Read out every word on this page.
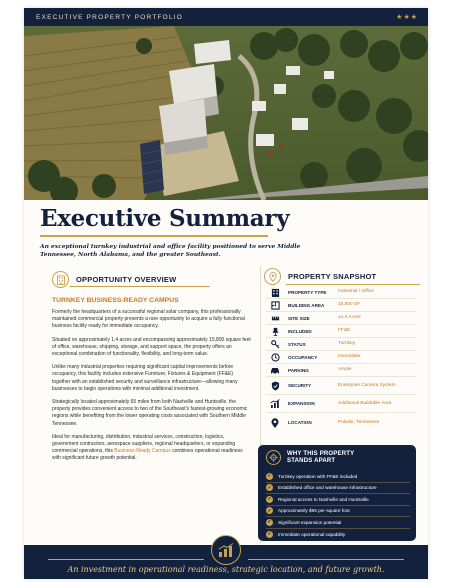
EXECUTIVE PROPERTY PORTFOLIO	★★★
Executive Summary
An exceptional turnkey industrial and office facility positioned to serve Middle Tennessee, North Alabama, and the greater Southeast.
OPPORTUNITY OVERVIEW
TURNKEY BUSINESS-READY CAMPUS

Formerly the headquarters of a successful regional solar company, this professionally maintained commercial property presents a rare opportunity to acquire a fully functional business facility ready for immediate occupancy.

Situated on approximately 1.4 acres and encompassing approximately 15,800 square feet of office, warehouse, shipping, storage, and support space, the property offers an exceptional combination of functionality, flexibility, and long-term value.

Unlike many industrial properties requiring significant capital improvements before occupancy, this facility includes extensive Furniture, Fixtures & Equipment (FF&E) together with an established security and surveillance infrastructure—allowing many businesses to begin operations with minimal additional investment.

Strategically located approximately 65 miles from both Nashville and Huntsville, the property provides convenient access to two of the Southeast's fastest-growing economic regions while benefiting from the lower operating costs associated with Southern Middle Tennessee.

Ideal for manufacturing, distribution, industrial services, construction, logistics, government contractors, aerospace suppliers, regional headquarters, or expanding commercial operations, this Business-Ready Campus combines operational readiness with significant future growth potential.

PROPERTY SNAPSHOT
PROPERTY TYPE	Industrial / Office
BUILDING AREA	15,800 SF
SITE SIZE	±1.4 Acres
INCLUDED	FF&E
STATUS	Turnkey
OCCUPANCY	Immediate
PARKING	Ample
SECURITY	Enterprise Camera System
EXPANSION	Additional Buildable Area
LOCATION	Pulaski, Tennessee
WHY THIS PROPERTY STANDS APART
✓ Turnkey operation with FF&E included
✓ Established office and warehouse infrastructure
✓ Regional access to Nashville and Huntsville
✓ Approximately $95 per square foot
✓ Significant expansion potential
✓ Immediate operational capability
An investment in operational readiness, strategic location, and future growth.
